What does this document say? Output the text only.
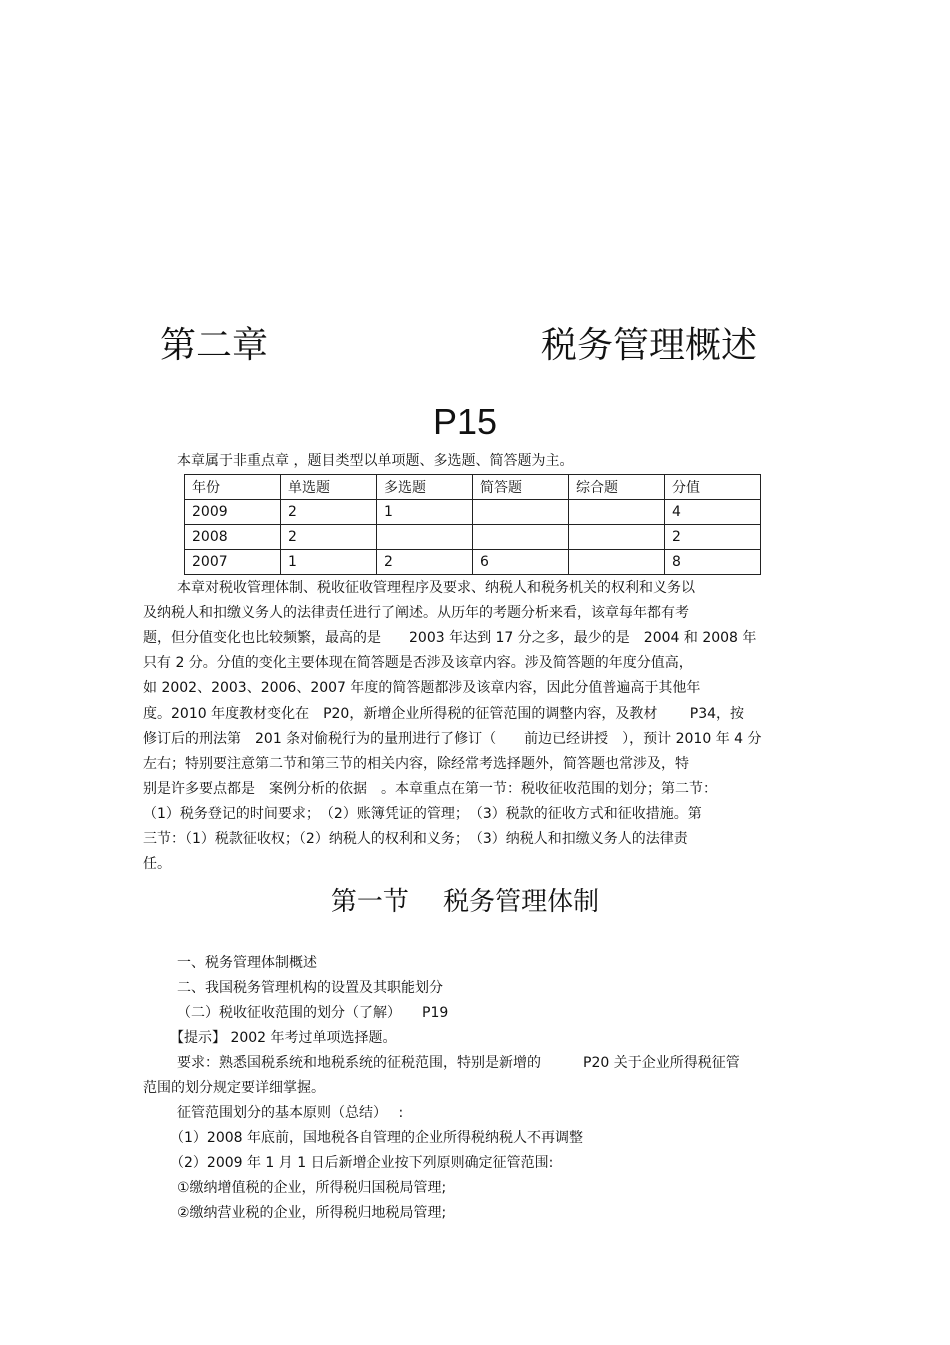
第二章	税务管理概述
P15
本章属于非重点章 ，题目类型以单项题、多选题、简答题为主。
年份	单选题	多选题	简答题	综合题	分值
2009	2	1			4
2008	2				2
2007	1	2	6		8
本章对税收管理体制、税收征收管理程序及要求、纳税人和税务机关的权利和义务以
及纳税人和扣缴义务人的法律责任进行了阐述。从历年的考题分析来看，该章每年都有考
题，但分值变化也比较频繁，最高的是　　2003 年达到 17 分之多，最少的是　2004 和 2008 年
只有 2 分。分值的变化主要体现在简答题是否涉及该章内容。涉及简答题的年度分值高，
如 2002、2003、2006、2007 年度的简答题都涉及该章内容，因此分值普遍高于其他年
度。2010 年度教材变化在　P20，新增企业所得税的征管范围的调整内容，及教材　　 P34，按
修订后的刑法第　201 条对偷税行为的量刑进行了修订（　　前边已经讲授　），预计 2010 年 4 分
左右；特别要注意第二节和第三节的相关内容，除经常考选择题外，简答题也常涉及，特
别是许多要点都是　案例分析的依据　。本章重点在第一节：税收征收范围的划分；第二节：
（1）税务登记的时间要求；　（2）账簿凭证的管理；　（3）税款的征收方式和征收措施。第
三节：（1）税款征收权；（2）纳税人的权利和义务；　（3）纳税人和扣缴义务人的法律责
任。
第一节　 税务管理体制
一、税务管理体制概述
二、我国税务管理机构的设置及其职能划分
（二）税收征收范围的划分（了解）　　P19
【提示】 2002 年考过单项选择题。
要求：熟悉国税系统和地税系统的征税范围，特别是新增的　　　P20 关于企业所得税征管
范围的划分规定要详细掌握。
征管范围划分的基本原则（总结）　 :
（1）2008 年底前，国地税各自管理的企业所得税纳税人不再调整
（2）2009 年 1 月 1 日后新增企业按下列原则确定征管范围:
①缴纳增值税的企业，所得税归国税局管理;
②缴纳营业税的企业，所得税归地税局管理;
